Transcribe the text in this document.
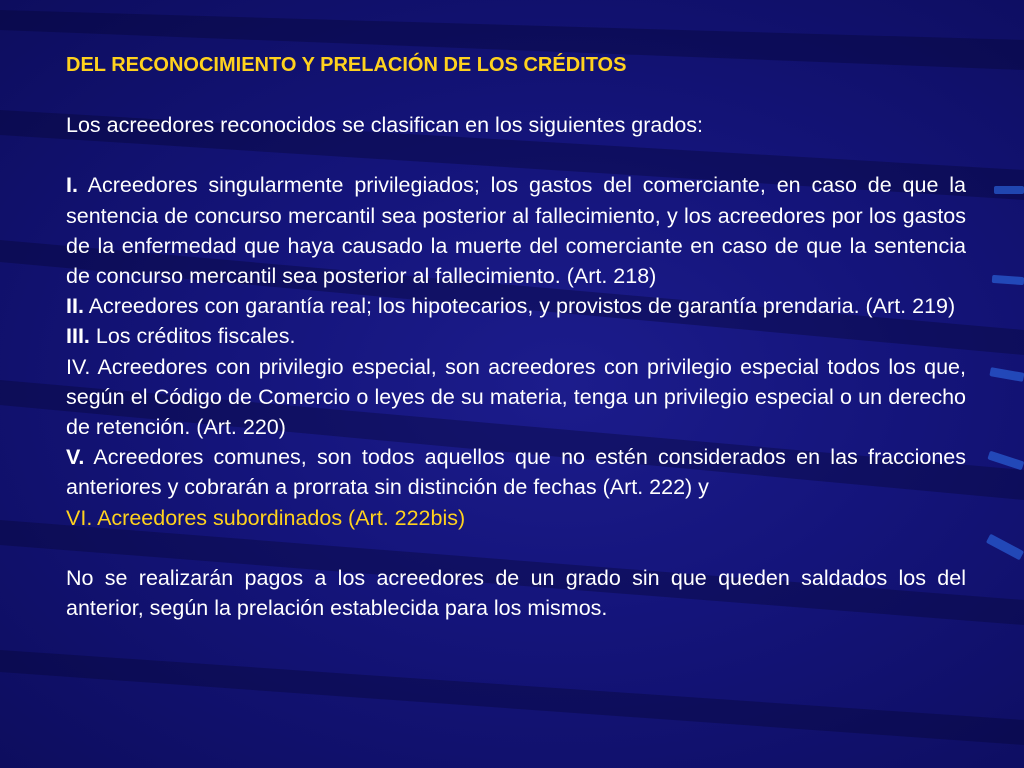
DEL RECONOCIMIENTO Y PRELACIÓN DE LOS CRÉDITOS

Los acreedores reconocidos se clasifican en los siguientes grados:

I. Acreedores singularmente privilegiados; los gastos del comerciante, en caso de que la sentencia de concurso mercantil sea posterior al fallecimiento, y los acreedores por los gastos de la enfermedad que haya causado la muerte del comerciante en caso de que la sentencia de concurso mercantil sea posterior al fallecimiento. (Art. 218)

II. Acreedores con garantía real; los hipotecarios, y provistos de garantía prendaria. (Art. 219)

III. Los créditos fiscales.

IV. Acreedores con privilegio especial, son acreedores con privilegio especial todos los que, según el Código de Comercio o leyes de su materia, tenga un privilegio especial o un derecho de retención. (Art. 220)

V. Acreedores comunes, son todos aquellos que no estén considerados en las fracciones anteriores y cobrarán a prorrata sin distinción de fechas (Art. 222) y

VI. Acreedores subordinados (Art. 222bis)

No se realizarán pagos a los acreedores de un grado sin que queden saldados los del anterior, según la prelación establecida para los mismos.
